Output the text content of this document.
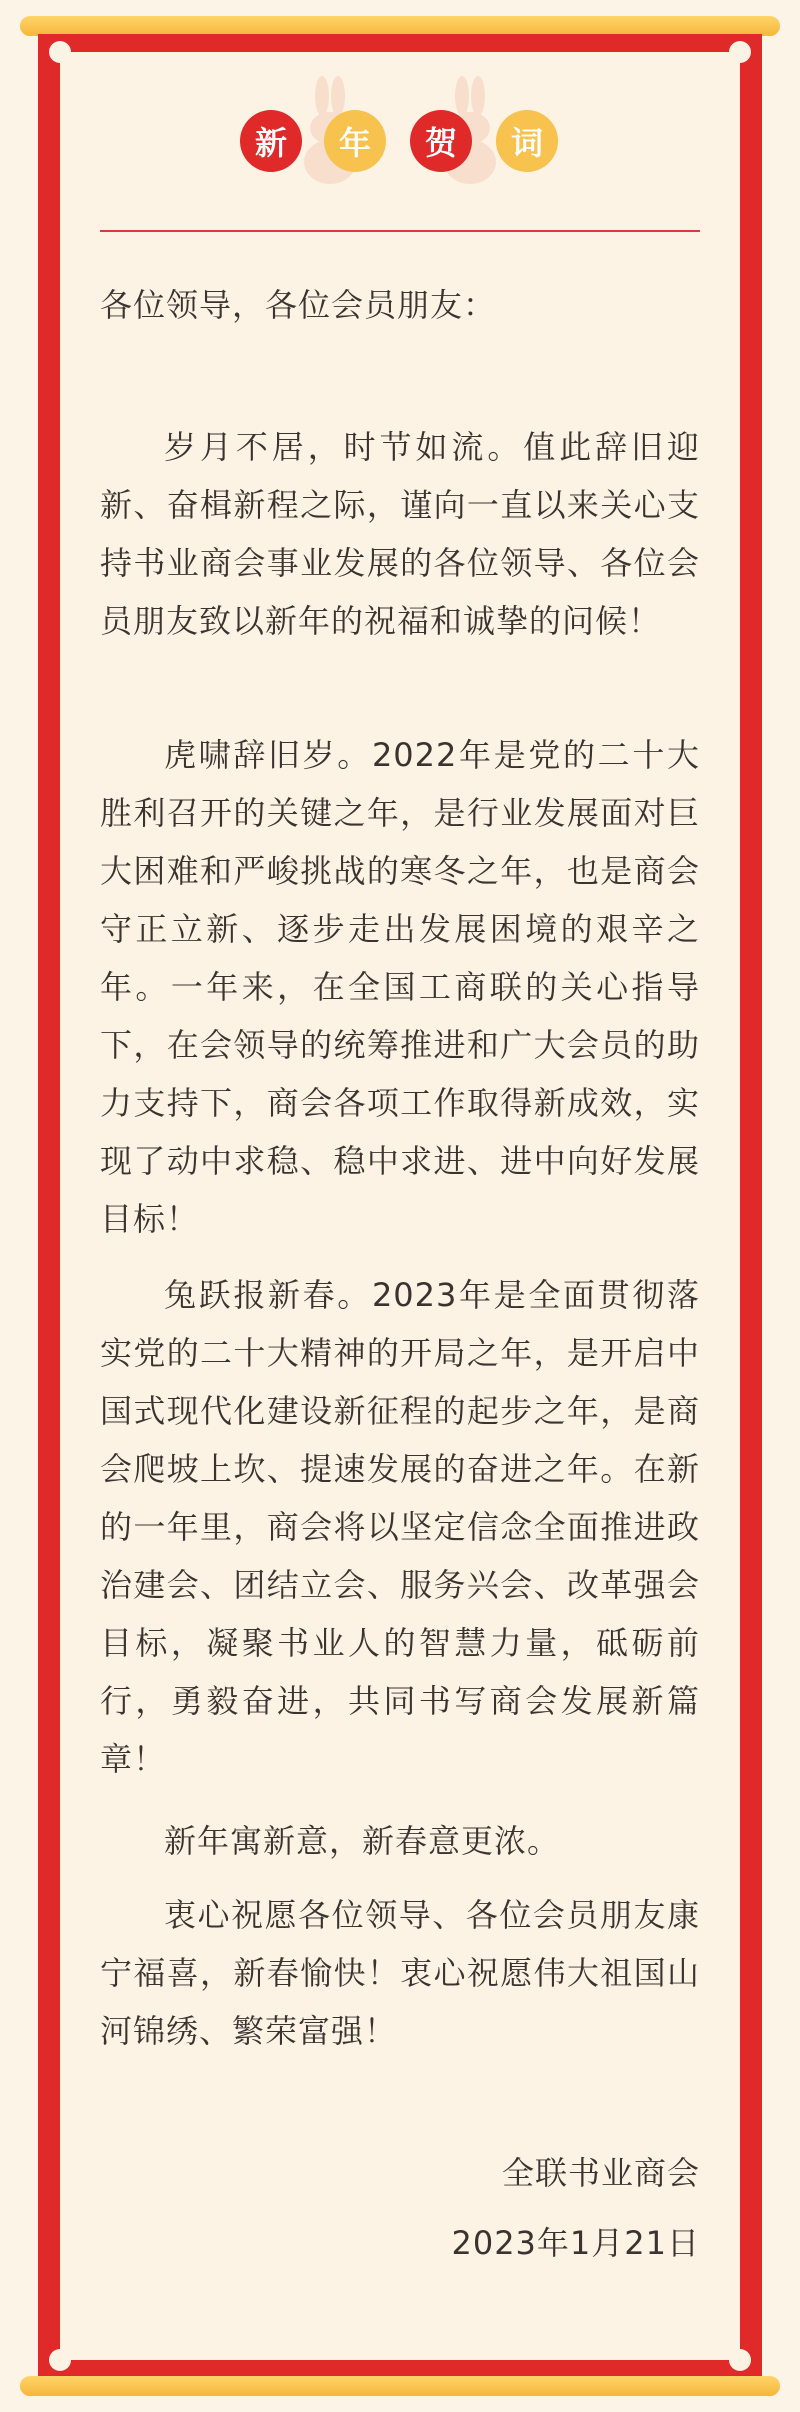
新	年	贺	词
各位领导，各位会员朋友：
岁月不居，时节如流。值此辞旧迎新、奋楫新程之际，谨向一直以来关心支持书业商会事业发展的各位领导、各位会员朋友致以新年的祝福和诚挚的问候！
虎啸辞旧岁。2022年是党的二十大胜利召开的关键之年，是行业发展面对巨大困难和严峻挑战的寒冬之年，也是商会守正立新、逐步走出发展困境的艰辛之年。一年来，在全国工商联的关心指导下，在会领导的统筹推进和广大会员的助力支持下，商会各项工作取得新成效，实现了动中求稳、稳中求进、进中向好发展目标！
兔跃报新春。2023年是全面贯彻落实党的二十大精神的开局之年，是开启中国式现代化建设新征程的起步之年，是商会爬坡上坎、提速发展的奋进之年。在新的一年里，商会将以坚定信念全面推进政治建会、团结立会、服务兴会、改革强会目标，凝聚书业人的智慧力量，砥砺前行，勇毅奋进，共同书写商会发展新篇章！
新年寓新意，新春意更浓。
衷心祝愿各位领导、各位会员朋友康宁福喜，新春愉快！衷心祝愿伟大祖国山河锦绣、繁荣富强！
全联书业商会
2023年1月21日
